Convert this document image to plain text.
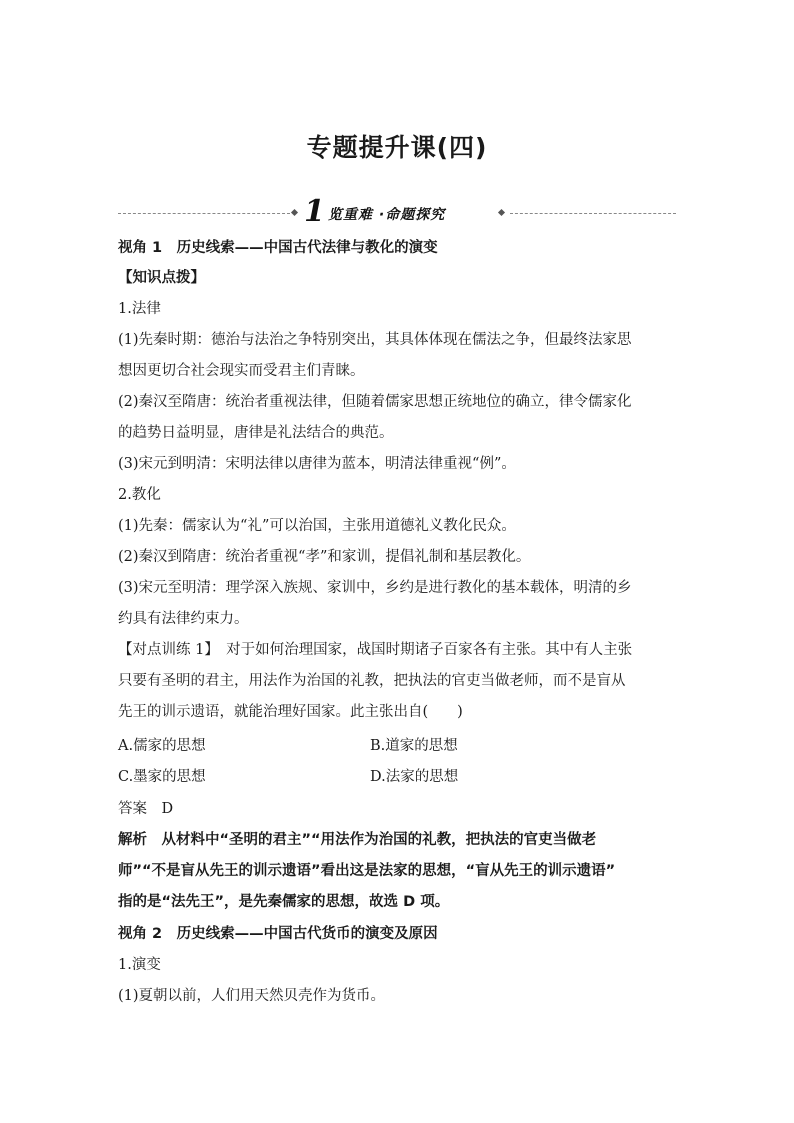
专题提升课(四)
1 览重难 ·命题探究
视角 1　历史线索——中国古代法律与教化的演变
【知识点拨】
1.法律
(1)先秦时期：德治与法治之争特别突出，其具体体现在儒法之争，但最终法家思
想因更切合社会现实而受君主们青睐。
(2)秦汉至隋唐：统治者重视法律，但随着儒家思想正统地位的确立，律令儒家化
的趋势日益明显，唐律是礼法结合的典范。
(3)宋元到明清：宋明法律以唐律为蓝本，明清法律重视“例”。
2.教化
(1)先秦：儒家认为“礼”可以治国，主张用道德礼义教化民众。
(2)秦汉到隋唐：统治者重视“孝”和家训，提倡礼制和基层教化。
(3)宋元至明清：理学深入族规、家训中，乡约是进行教化的基本载体，明清的乡
约具有法律约束力。
【对点训练 1】　对于如何治理国家，战国时期诸子百家各有主张。其中有人主张
只要有圣明的君主，用法作为治国的礼教，把执法的官吏当做老师，而不是盲从
先王的训示遗语，就能治理好国家。此主张出自(　　)
A.儒家的思想	B.道家的思想
C.墨家的思想	D.法家的思想
答案　D
解析　从材料中“圣明的君主”“用法作为治国的礼教，把执法的官吏当做老
师”“不是盲从先王的训示遗语”看出这是法家的思想，“盲从先王的训示遗语”
指的是“法先王”，是先秦儒家的思想，故选 D 项。
视角 2　历史线索——中国古代货币的演变及原因
1.演变
(1)夏朝以前，人们用天然贝壳作为货币。
